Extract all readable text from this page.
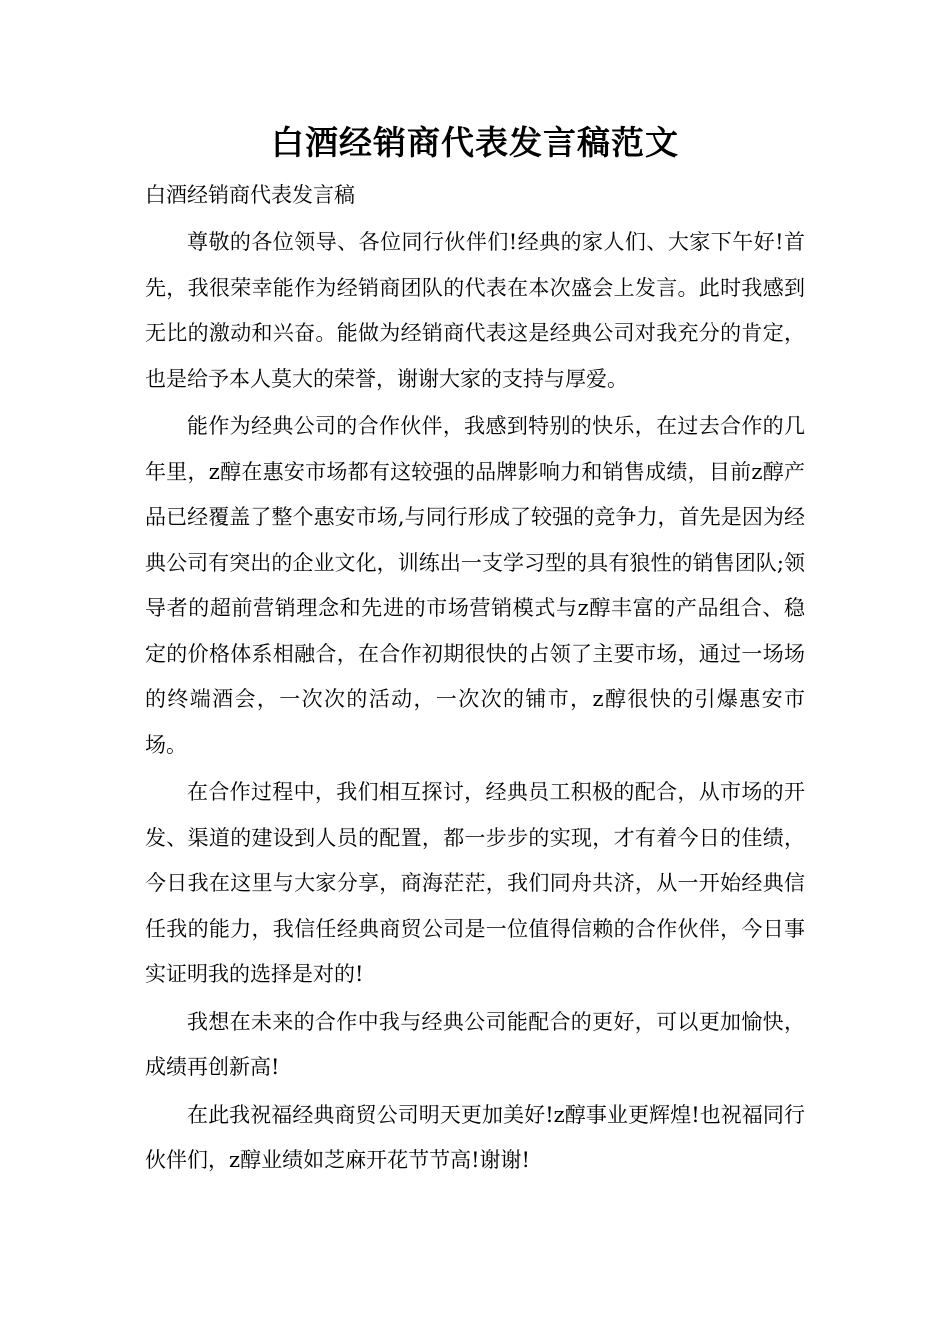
白酒经销商代表发言稿范文
白酒经销商代表发言稿

尊敬的各位领导、各位同行伙伴们!经典的家人们、大家下午好!首先，我很荣幸能作为经销商团队的代表在本次盛会上发言。此时我感到无比的激动和兴奋。能做为经销商代表这是经典公司对我充分的肯定，也是给予本人莫大的荣誉，谢谢大家的支持与厚爱。

能作为经典公司的合作伙伴，我感到特别的快乐，在过去合作的几年里，z醇在惠安市场都有这较强的品牌影响力和销售成绩，目前z醇产品已经覆盖了整个惠安市场,与同行形成了较强的竞争力，首先是因为经典公司有突出的企业文化，训练出一支学习型的具有狼性的销售团队;领导者的超前营销理念和先进的市场营销模式与z醇丰富的产品组合、稳定的价格体系相融合，在合作初期很快的占领了主要市场，通过一场场的终端酒会，一次次的活动，一次次的铺市，z醇很快的引爆惠安市场。

在合作过程中，我们相互探讨，经典员工积极的配合，从市场的开发、渠道的建设到人员的配置，都一步步的实现，才有着今日的佳绩，今日我在这里与大家分享，商海茫茫，我们同舟共济，从一开始经典信任我的能力，我信任经典商贸公司是一位值得信赖的合作伙伴，今日事实证明我的选择是对的!

我想在未来的合作中我与经典公司能配合的更好，可以更加愉快，成绩再创新高!

在此我祝福经典商贸公司明天更加美好!z醇事业更辉煌!也祝福同行伙伴们，z醇业绩如芝麻开花节节高!谢谢!
